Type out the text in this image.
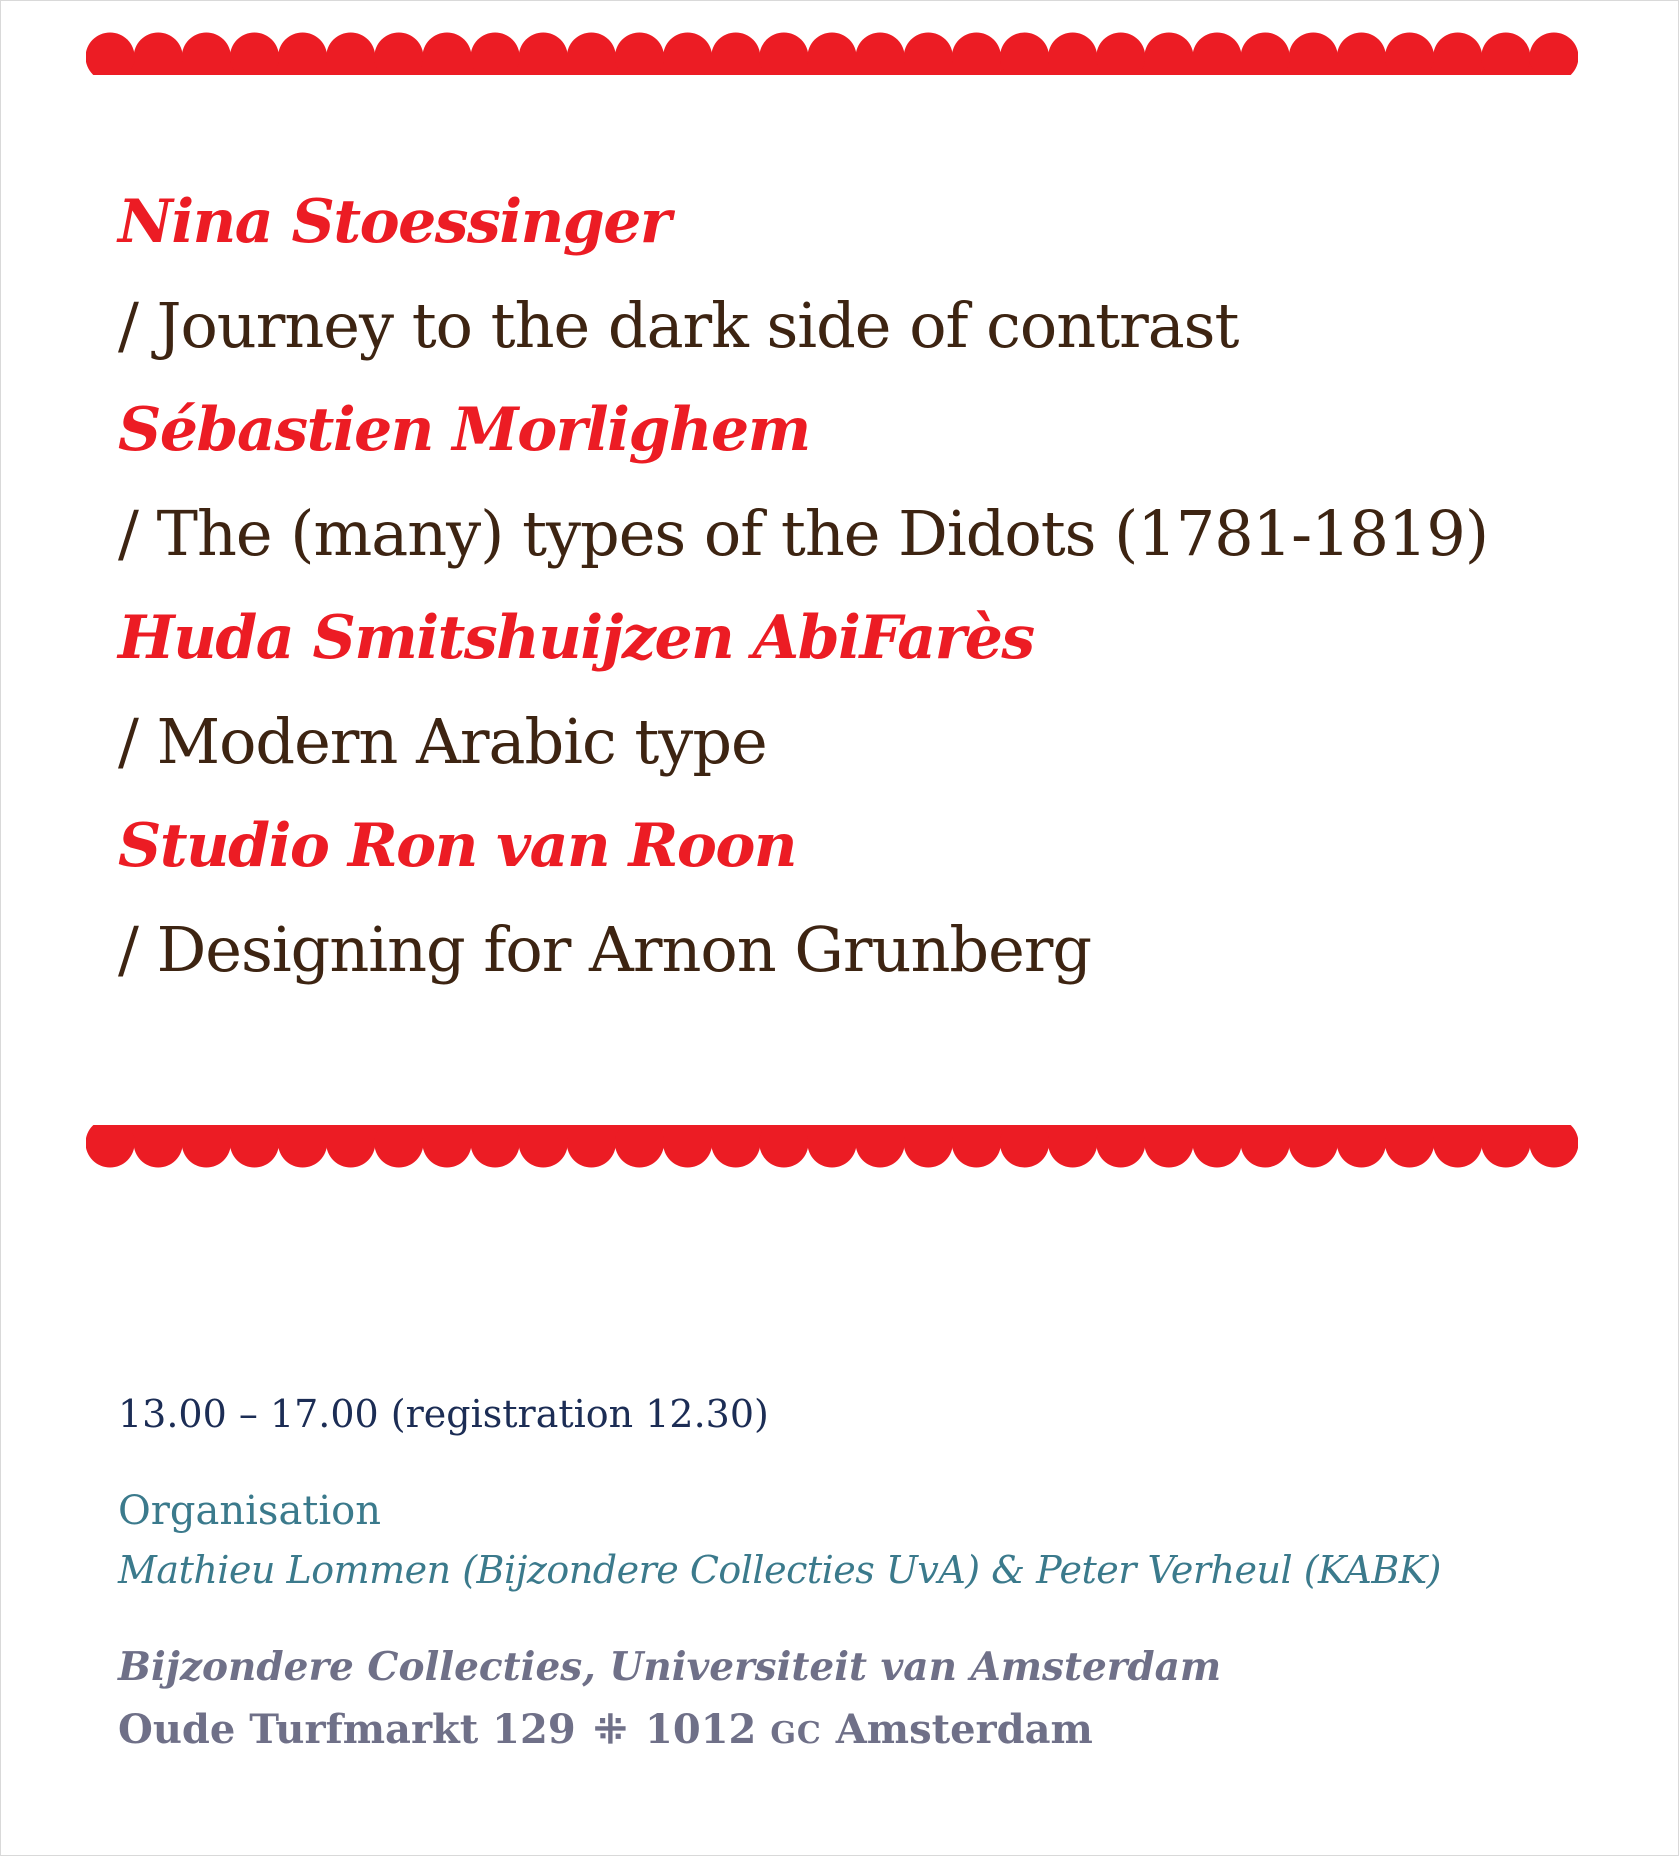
Nina Stoessinger
/ Journey to the dark side of contrast
Sébastien Morlighem
/ The (many) types of the Didots (1781-1819)
Huda Smitshuijzen AbiFarès
/ Modern Arabic type
Studio Ron van Roon
/ Designing for Arnon Grunberg
13.00 – 17.00 (registration 12.30)
Organisation
Mathieu Lommen (Bijzondere Collecties UvA) & Peter Verheul (KABK)
Bijzondere Collecties, Universiteit van Amsterdam
Oude Turfmarkt 129 ⁜ 1012 GC Amsterdam
